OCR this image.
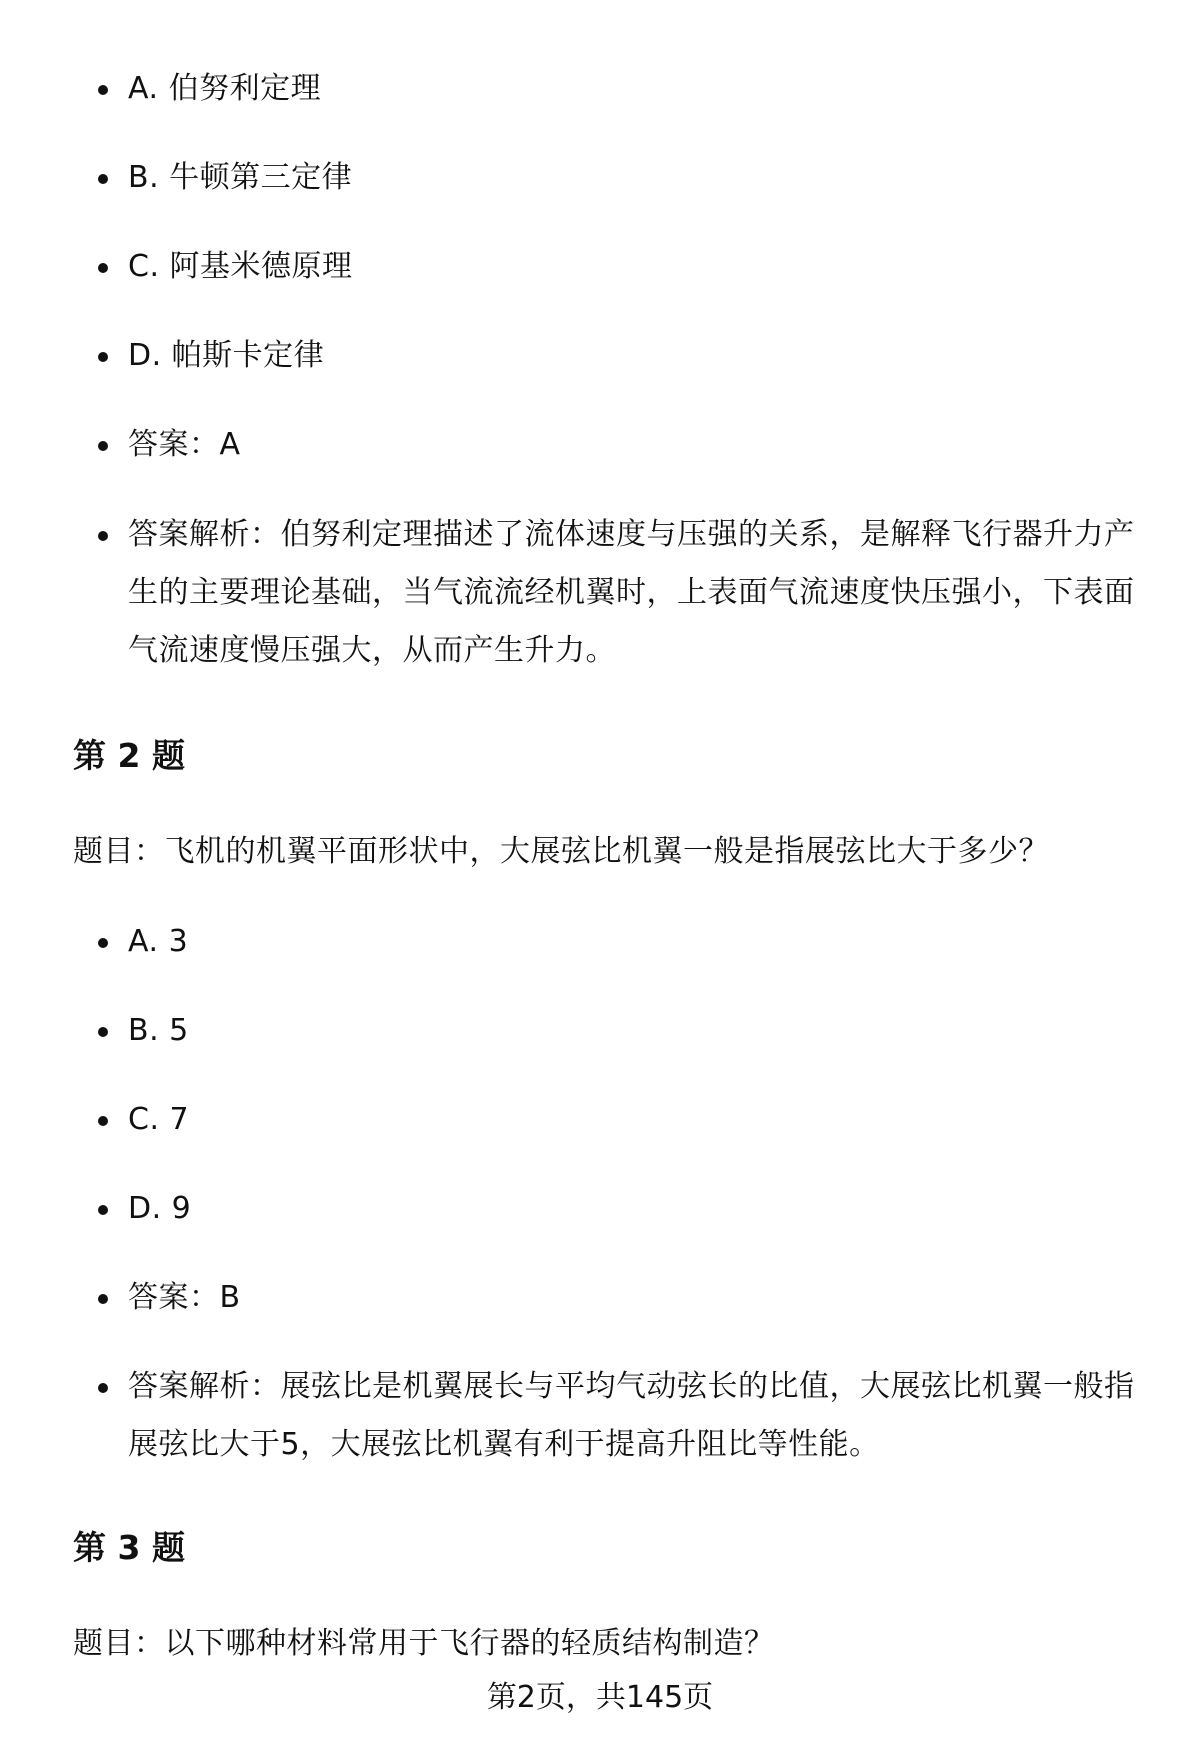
A. 伯努利定理
B. 牛顿第三定律
C. 阿基米德原理
D. 帕斯卡定律
答案：A
答案解析：伯努利定理描述了流体速度与压强的关系，是解释飞行器升力产生的主要理论基础，当气流流经机翼时，上表面气流速度快压强小，下表面气流速度慢压强大，从而产生升力。
第 2 题
题目：飞机的机翼平面形状中，大展弦比机翼一般是指展弦比大于多少？
A. 3
B. 5
C. 7
D. 9
答案：B
答案解析：展弦比是机翼展长与平均气动弦长的比值，大展弦比机翼一般指展弦比大于5，大展弦比机翼有利于提高升阻比等性能。
第 3 题
题目：以下哪种材料常用于飞行器的轻质结构制造？
第2页，共145页
